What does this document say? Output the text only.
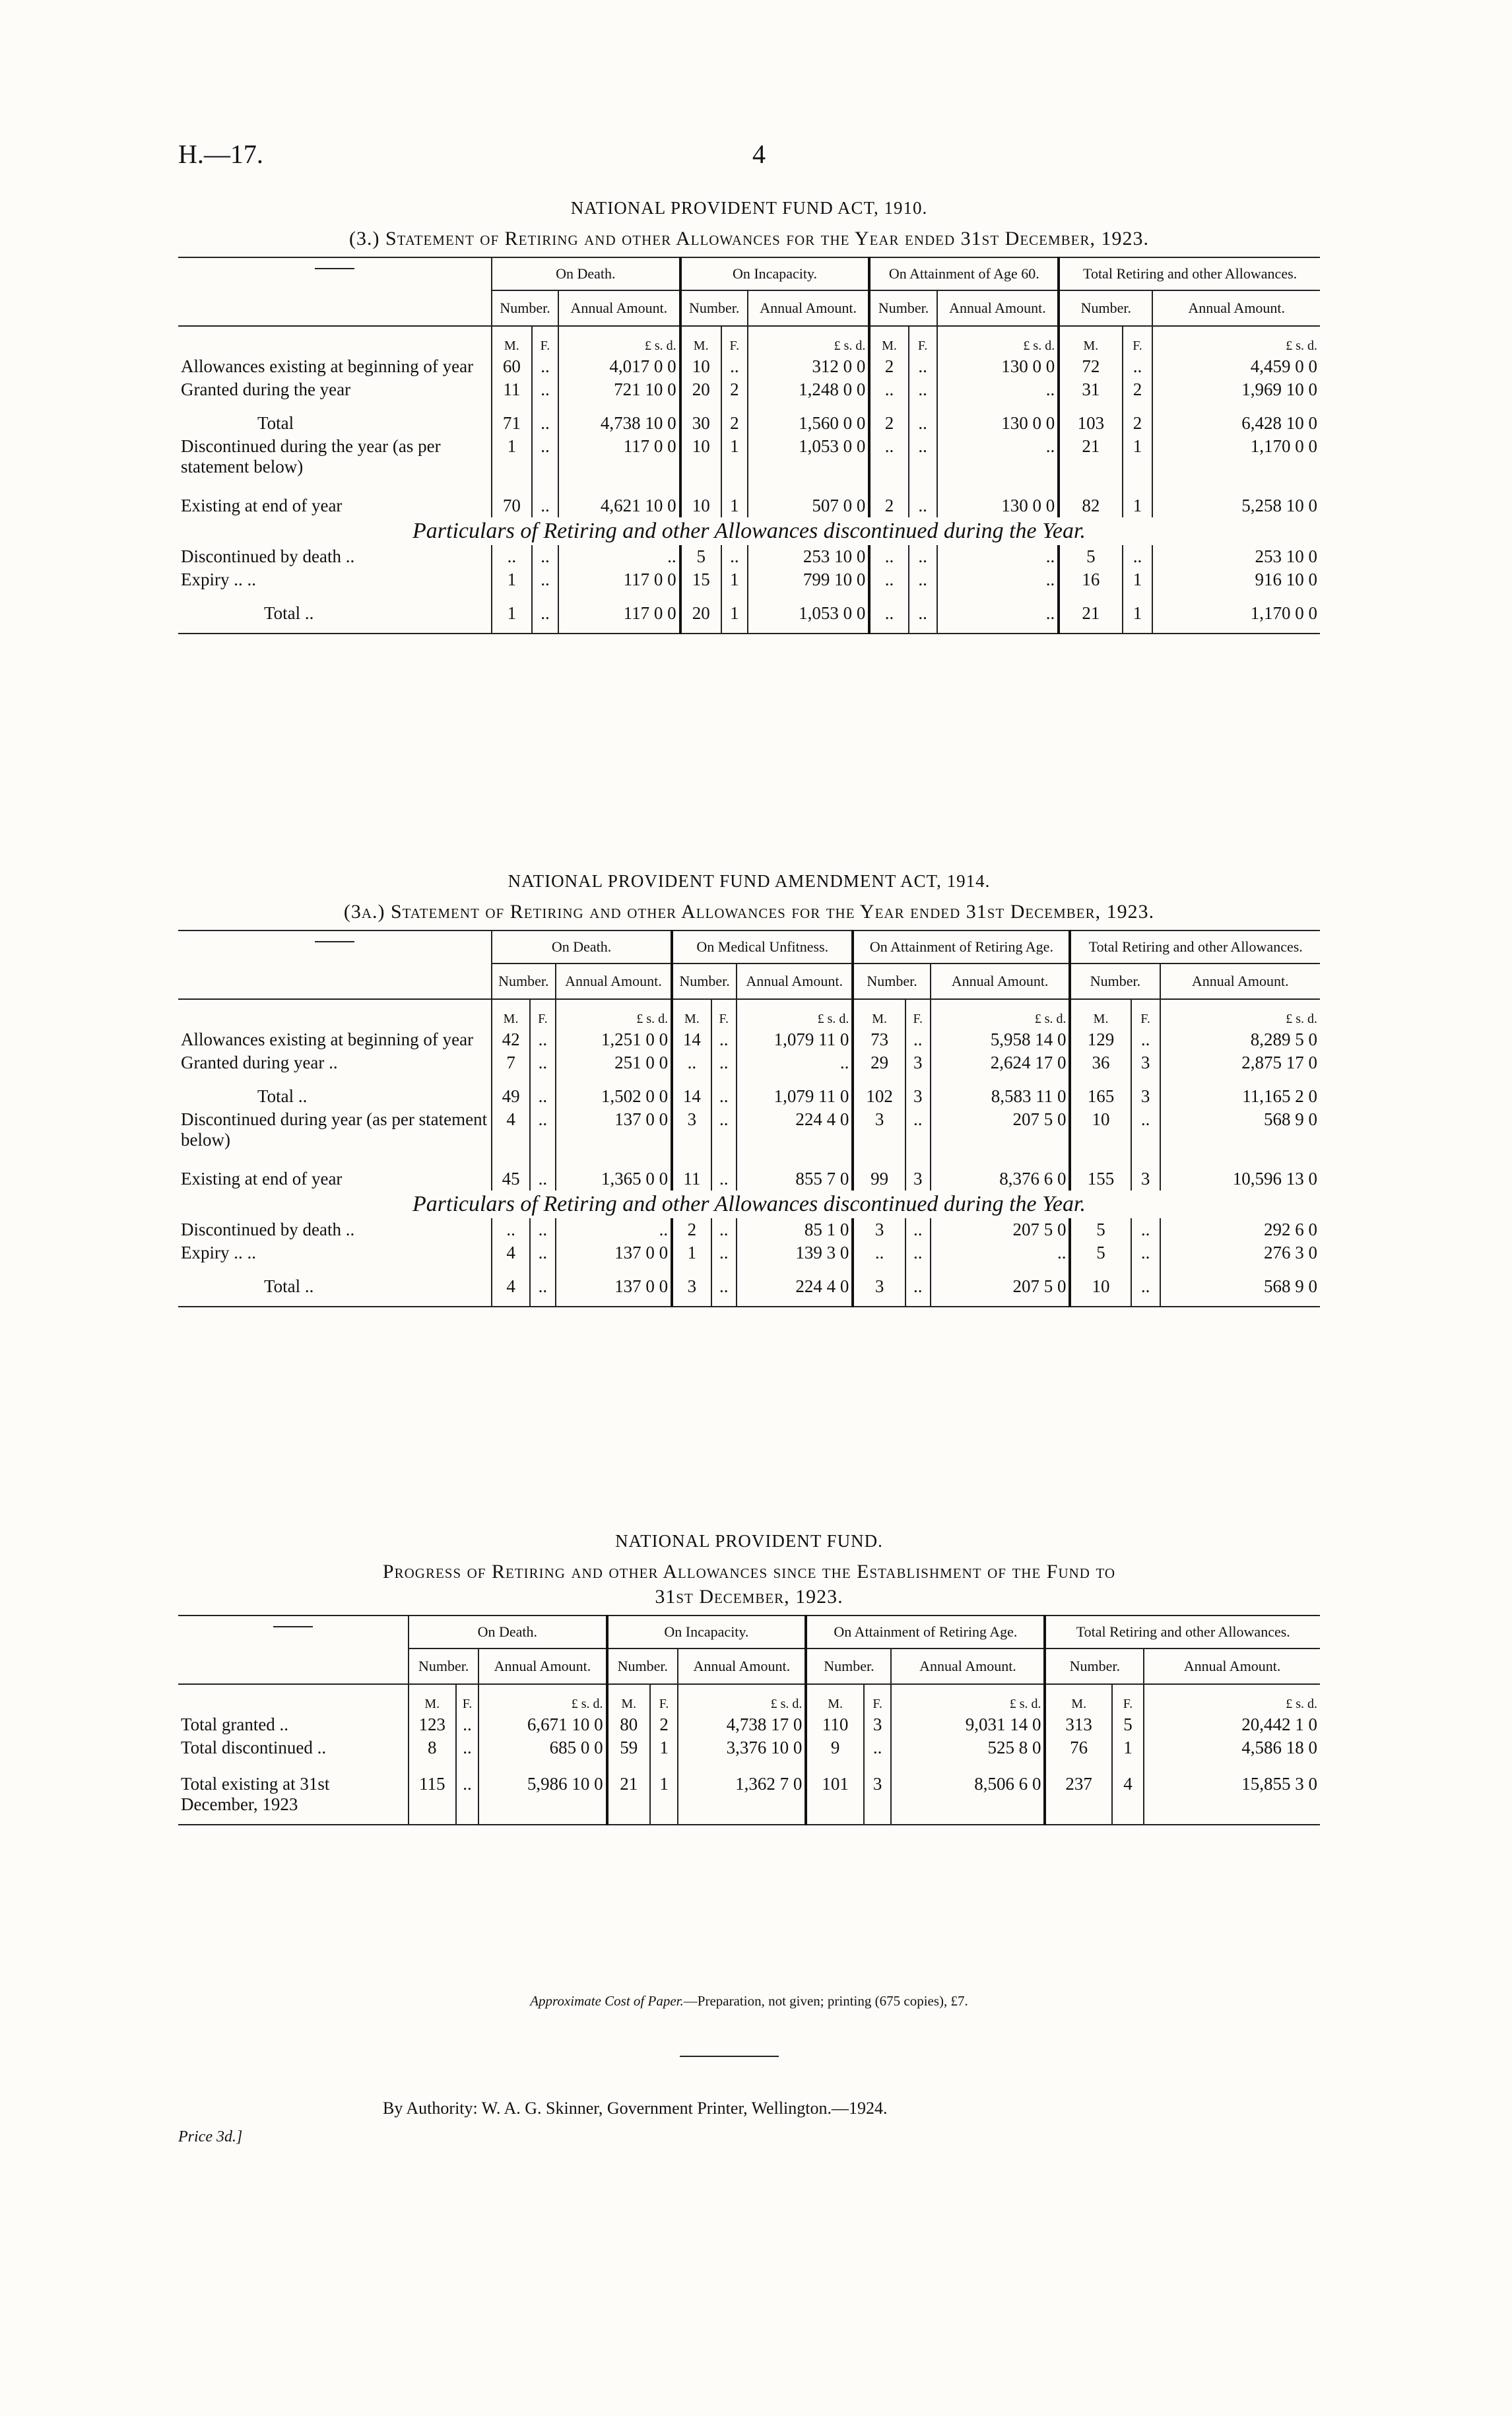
H.—17.	4
NATIONAL PROVIDENT FUND ACT, 1910.
(3.) Statement of Retiring and other Allowances for the Year ended 31st December, 1923.
	On Death.			On Incapacity.			On Attainment of Age 60.			Total Retiring and other Allowances.		
	Number.		Annual Amount.	Number.		Annual Amount.	Number.		Annual Amount.	Number.		Annual Amount.
	M.	F.	£ s. d.	M.	F.	£ s. d.	M.	F.	£ s. d.	M.	F.	£ s. d.
Allowances existing at beginning of year	60	..	4,017 0 0	10	..	312 0 0	2	..	130 0 0	72	..	4,459 0 0
Granted during the year	11	..	721 10 0	20	2	1,248 0 0	..	..	..	31	2	1,969 10 0
Total	71	..	4,738 10 0	30	2	1,560 0 0	2	..	130 0 0	103	2	6,428 10 0
Discontinued during the year (as per statement below)	1	..	117 0 0	10	1	1,053 0 0	..	..	..	21	1	1,170 0 0
Existing at end of year	70	..	4,621 10 0	10	1	507 0 0	2	..	130 0 0	82	1	5,258 10 0
Particulars of Retiring and other Allowances discontinued during the Year.												
Discontinued by death ..	..	..	..	5	..	253 10 0	..	..	..	5	..	253 10 0
Expiry .. ..	1	..	117 0 0	15	1	799 10 0	..	..	..	16	1	916 10 0
Total ..	1	..	117 0 0	20	1	1,053 0 0	..	..	..	21	1	1,170 0 0
NATIONAL PROVIDENT FUND AMENDMENT ACT, 1914.
(3a.) Statement of Retiring and other Allowances for the Year ended 31st December, 1923.
	On Death.			On Medical Unfitness.			On Attainment of Retiring Age.			Total Retiring and other Allowances.		
	Number.		Annual Amount.	Number.		Annual Amount.	Number.		Annual Amount.	Number.		Annual Amount.
	M.	F.	£ s. d.	M.	F.	£ s. d.	M.	F.	£ s. d.	M.	F.	£ s. d.
Allowances existing at beginning of year	42	..	1,251 0 0	14	..	1,079 11 0	73	..	5,958 14 0	129	..	8,289 5 0
Granted during year ..	7	..	251 0 0	..	..	..	29	3	2,624 17 0	36	3	2,875 17 0
Total ..	49	..	1,502 0 0	14	..	1,079 11 0	102	3	8,583 11 0	165	3	11,165 2 0
Discontinued during year (as per statement below)	4	..	137 0 0	3	..	224 4 0	3	..	207 5 0	10	..	568 9 0
Existing at end of year	45	..	1,365 0 0	11	..	855 7 0	99	3	8,376 6 0	155	3	10,596 13 0
Particulars of Retiring and other Allowances discontinued during the Year.												
Discontinued by death ..	..	..	..	2	..	85 1 0	3	..	207 5 0	5	..	292 6 0
Expiry .. ..	4	..	137 0 0	1	..	139 3 0	..	..	..	5	..	276 3 0
Total ..	4	..	137 0 0	3	..	224 4 0	3	..	207 5 0	10	..	568 9 0
NATIONAL PROVIDENT FUND.
Progress of Retiring and other Allowances since the Establishment of the Fund to
31st December, 1923.
	On Death.			On Incapacity.			On Attainment of Retiring Age.			Total Retiring and other Allowances.		
	Number.		Annual Amount.	Number.		Annual Amount.	Number.		Annual Amount.	Number.		Annual Amount.
	M.	F.	£ s. d.	M.	F.	£ s. d.	M.	F.	£ s. d.	M.	F.	£ s. d.
Total granted ..	123	..	6,671 10 0	80	2	4,738 17 0	110	3	9,031 14 0	313	5	20,442 1 0
Total discontinued ..	8	..	685 0 0	59	1	3,376 10 0	9	..	525 8 0	76	1	4,586 18 0
Total existing at 31st December, 1923	115	..	5,986 10 0	21	1	1,362 7 0	101	3	8,506 6 0	237	4	15,855 3 0
Approximate Cost of Paper.—Preparation, not given; printing (675 copies), £7.
By Authority: W. A. G. Skinner, Government Printer, Wellington.—1924.
Price 3d.]
